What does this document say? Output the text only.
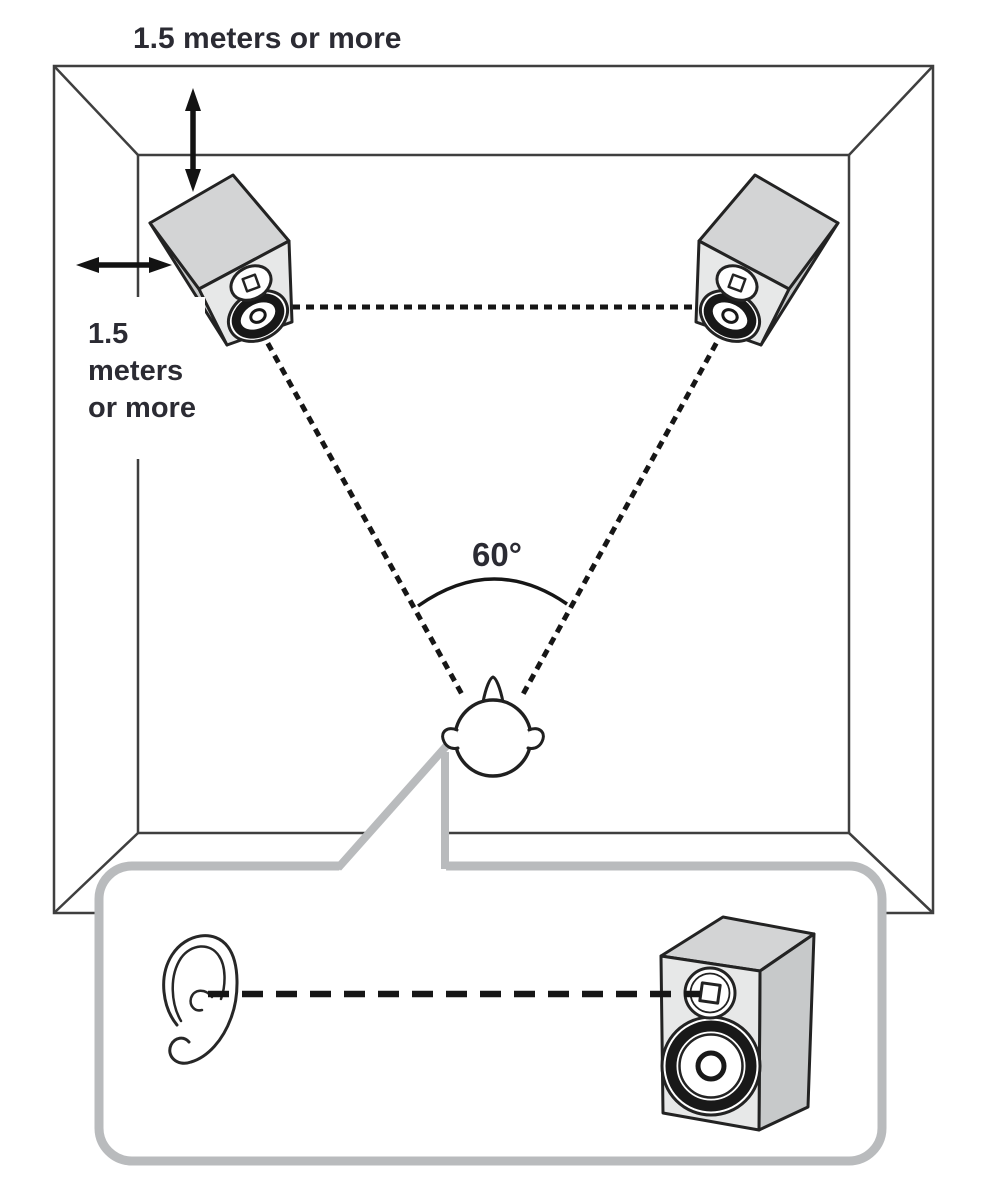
1.5 meters or more
1.5
meters
or more
60°
